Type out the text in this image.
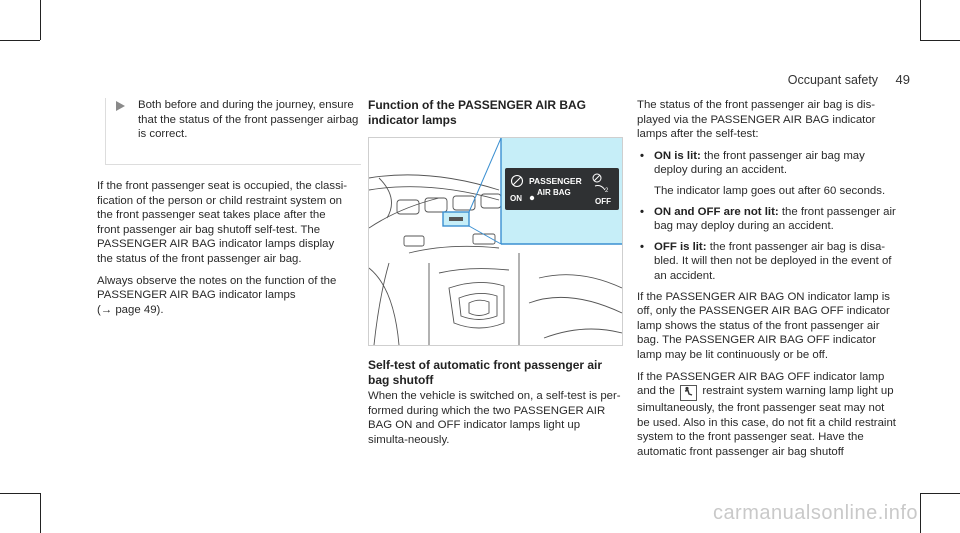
Occupant safety 49
Both before and during the journey, ensure that the status of the front passenger airbag is correct.

If the front passenger seat is occupied, the classi-fication of the person or child restraint system on the front passenger seat takes place after the front passenger air bag shutoff self-test. The PASSENGER AIR BAG indicator lamps display the status of the front passenger air bag.

Always observe the notes on the function of the PASSENGER AIR BAG indicator lamps
(→ page 49).

Function of the PASSENGER AIR BAG indicator lamps
ON
PASSENGER
AIR BAG	2
OFF
Self-test of automatic front passenger air bag shutoff

When the vehicle is switched on, a self-test is per-formed during which the two PASSENGER AIR BAG ON and OFF indicator lamps light up simulta-neously.

The status of the front passenger air bag is dis-played via the PASSENGER AIR BAG indicator lamps after the self-test:

• ON is lit: the front passenger air bag may deploy during an accident.

The indicator lamp goes out after 60 seconds.

• ON and OFF are not lit: the front passenger air bag may deploy during an accident.
• OFF is lit: the front passenger air bag is disa-bled. It will then not be deployed in the event of an accident.

If the PASSENGER AIR BAG ON indicator lamp is off, only the PASSENGER AIR BAG OFF indicator lamp shows the status of the front passenger air bag. The PASSENGER AIR BAG OFF indicator lamp may be lit continuously or be off.

If the PASSENGER AIR BAG OFF indicator lamp and the restraint system warning lamp light up simultaneously, the front passenger seat may not be used. Also in this case, do not fit a child restraint system to the front passenger seat. Have the automatic front passenger air bag shutoff

carmanualsonline.info
